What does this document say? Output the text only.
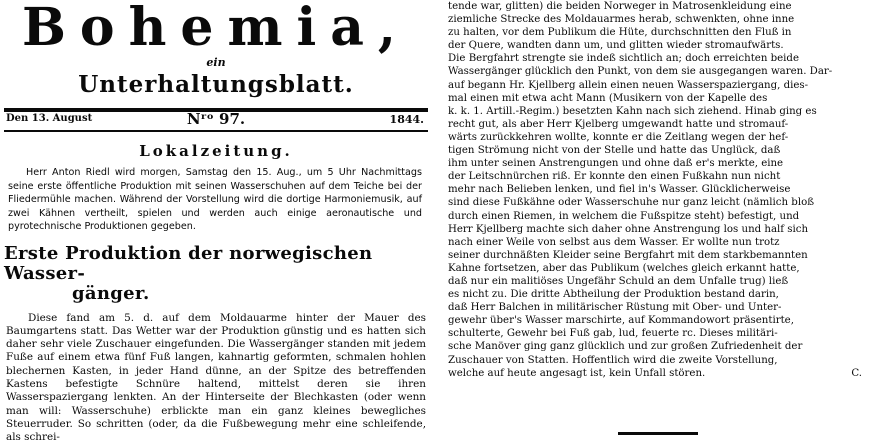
Bohemia,
ein
Unterhaltungsblatt.
Den 13. August	Nʳᵒ 97.	1844.
Lokalzeitung.

Herr Anton Riedl wird morgen, Samstag den 15. Aug., um 5 Uhr Nachmittags seine erste öffentliche Produktion mit seinen Wasserschuhen auf dem Teiche bei der Fliedermühle machen. Während der Vorstellung wird die dortige Harmoniemusik, auf zwei Kähnen vertheilt, spielen und werden auch einige aeronautische und pyrotechnische Produktionen gegeben.

Erste Produktion der norwegischen Wasser-
gänger.

Diese fand am 5. d. auf dem Moldauarme hinter der Mauer des Baumgartens statt. Das Wetter war der Produktion günstig und es hatten sich daher sehr viele Zuschauer eingefunden. Die Wassergänger standen mit jedem Fuße auf einem etwa fünf Fuß langen, kahnartig geformten, schmalen hohlen blechernen Kasten, in jeder Hand dünne, an der Spitze des betreffenden Kastens befestigte Schnüre haltend, mittelst deren sie ihren Wasserspaziergang lenkten. An der Hinterseite der Blechkasten (oder wenn man will: Wasserschuhe) erblickte man ein ganz kleines bewegliches Steuerruder. So schritten (oder, da die Fußbewegung mehr eine schleifende, als schrei-

tende war, glitten) die beiden Norweger in Matrosenkleidung eine
ziemliche Strecke des Moldauarmes herab, schwenkten, ohne inne
zu halten, vor dem Publikum die Hüte, durchschnitten den Fluß in
der Quere, wandten dann um, und glitten wieder stromaufwärts.
Die Bergfahrt strengte sie indeß sichtlich an; doch erreichten beide
Wassergänger glücklich den Punkt, von dem sie ausgegangen waren. Dar-
auf begann Hr. Kjellberg allein einen neuen Wasserspaziergang, dies-
mal einen mit etwa acht Mann (Musikern von der Kapelle des
k. k. 1. Artill.-Regim.) besetzten Kahn nach sich ziehend. Hinab ging es
recht gut, als aber Herr Kjelberg umgewandt hatte und stromauf-
wärts zurückkehren wollte, konnte er die Zeitlang wegen der hef-
tigen Strömung nicht von der Stelle und hatte das Unglück, daß
ihm unter seinen Anstrengungen und ohne daß er's merkte, eine
der Leitschnürchen riß. Er konnte den einen Fußkahn nun nicht
mehr nach Belieben lenken, und fiel in's Wasser. Glücklicherweise
sind diese Fußkähne oder Wasserschuhe nur ganz leicht (nämlich bloß
durch einen Riemen, in welchem die Fußspitze steht) befestigt, und
Herr Kjellberg machte sich daher ohne Anstrengung los und half sich
nach einer Weile von selbst aus dem Wasser. Er wollte nun trotz
seiner durchnäßten Kleider seine Bergfahrt mit dem starkbemannten
Kahne fortsetzen, aber das Publikum (welches gleich erkannt hatte,
daß nur ein malitiöses Ungefähr Schuld an dem Unfalle trug) ließ
es nicht zu. Die dritte Abtheilung der Produktion bestand darin,
daß Herr Balchen in militärischer Rüstung mit Ober- und Unter-
gewehr über's Wasser marschirte, auf Kommandowort präsentirte,
schulterte, Gewehr bei Fuß gab, lud, feuerte rc. Dieses militäri-
sche Manöver ging ganz glücklich und zur großen Zufriedenheit der
Zuschauer von Statten. Hoffentlich wird die zweite Vorstellung,
welche auf heute angesagt ist, kein Unfall stören.	C.
